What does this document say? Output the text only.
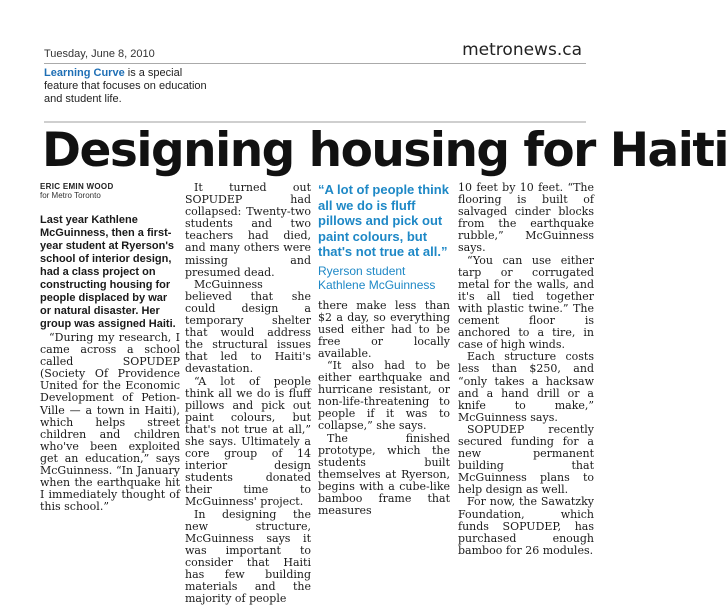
Tuesday, June 8, 2010	metronews.ca
Learning Curve is a special feature that focuses on education and student life.
Designing housing for Haiti
ERIC EMIN WOOD
for Metro Toronto

Last year Kathlene McGuinness, then a first-year student at Ryerson's school of interior design, had a class project on constructing housing for people displaced by war or natural disaster. Her group was assigned Haiti.

“During my research, I came across a school called SOPUDEP (Society Of Providence United for the Economic Development of Petion-Ville — a town in Haiti), which helps street children and children who've been exploited get an education,” says McGuinness. “In January when the earthquake hit I immediately thought of this school.”

It turned out SOPUDEP had collapsed: Twenty-two students and two teachers had died, and many others were missing and presumed dead.

McGuinness believed that she could design a temporary shelter that would address the structural issues that led to Haiti's devastation.

“A lot of people think all we do is fluff pillows and pick out paint colours, but that's not true at all,” she says. Ultimately a core group of 14 interior design students donated their time to McGuinness' project.

In designing the new structure, McGuinness says it was important to consider that Haiti has few building materials and the majority of people

“A lot of people think all we do is fluff pillows and pick out paint colours, but that's not true at all.”
Ryerson student Kathlene McGuinness

there make less than $2 a day, so everything used either had to be free or locally available.

“It also had to be either earthquake and hurricane resistant, or non-life-threatening to people if it was to collapse,” she says.

The finished prototype, which the students built themselves at Ryerson, begins with a cube-like bamboo frame that measures

10 feet by 10 feet. “The flooring is built of salvaged cinder blocks from the earthquake rubble,” McGuinness says.

“You can use either tarp or corrugated metal for the walls, and it's all tied together with plastic twine.” The cement floor is anchored to a tire, in case of high winds.

Each structure costs less than $250, and “only takes a hacksaw and a hand drill or a knife to make,” McGuinness says.

SOPUDEP recently secured funding for a new permanent building that McGuinness plans to help design as well.

For now, the Sawatzky Foundation, which funds SOPUDEP, has purchased enough bamboo for 26 modules.
